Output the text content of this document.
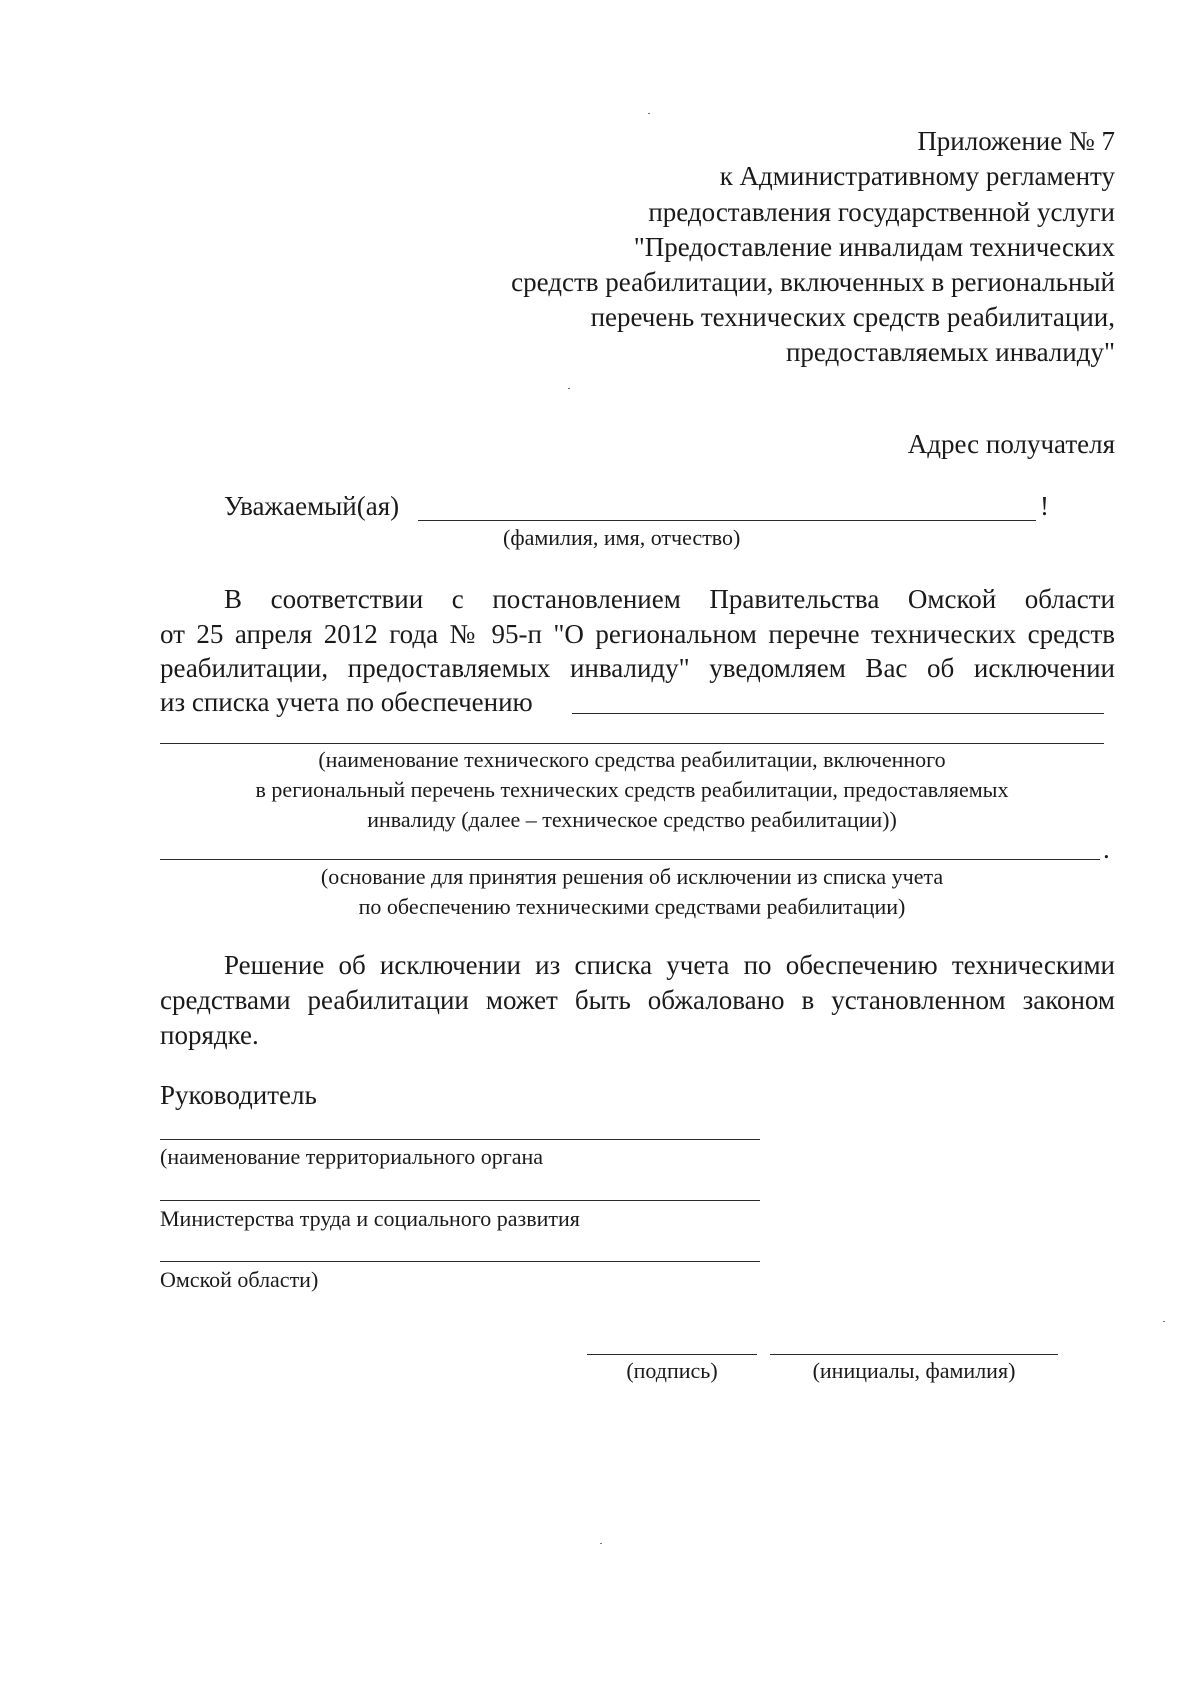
Приложение № 7
к Административному регламенту
предоставления государственной услуги
"Предоставление инвалидам технических
средств реабилитации, включенных в региональный
перечень технических средств реабилитации,
предоставляемых инвалиду"
Адрес получателя
Уважаемый(ая)	!
(фамилия, имя, отчество)
В соответствии с постановлением Правительства Омской области
от 25 апреля 2012 года № 95-п "О региональном перечне технических средств
реабилитации, предоставляемых инвалиду" уведомляем Вас об исключении
из списка учета по обеспечению
(наименование технического средства реабилитации, включенного
в региональный перечень технических средств реабилитации, предоставляемых
инвалиду (далее – техническое средство реабилитации))
.
(основание для принятия решения об исключении из списка учета
по обеспечению техническими средствами реабилитации)
Решение об исключении из списка учета по обеспечению техническими
средствами реабилитации может быть обжаловано в установленном законом
порядке.
Руководитель
(наименование территориального органа
Министерства труда и социального развития
Омской области)
(подпись)	(инициалы, фамилия)
